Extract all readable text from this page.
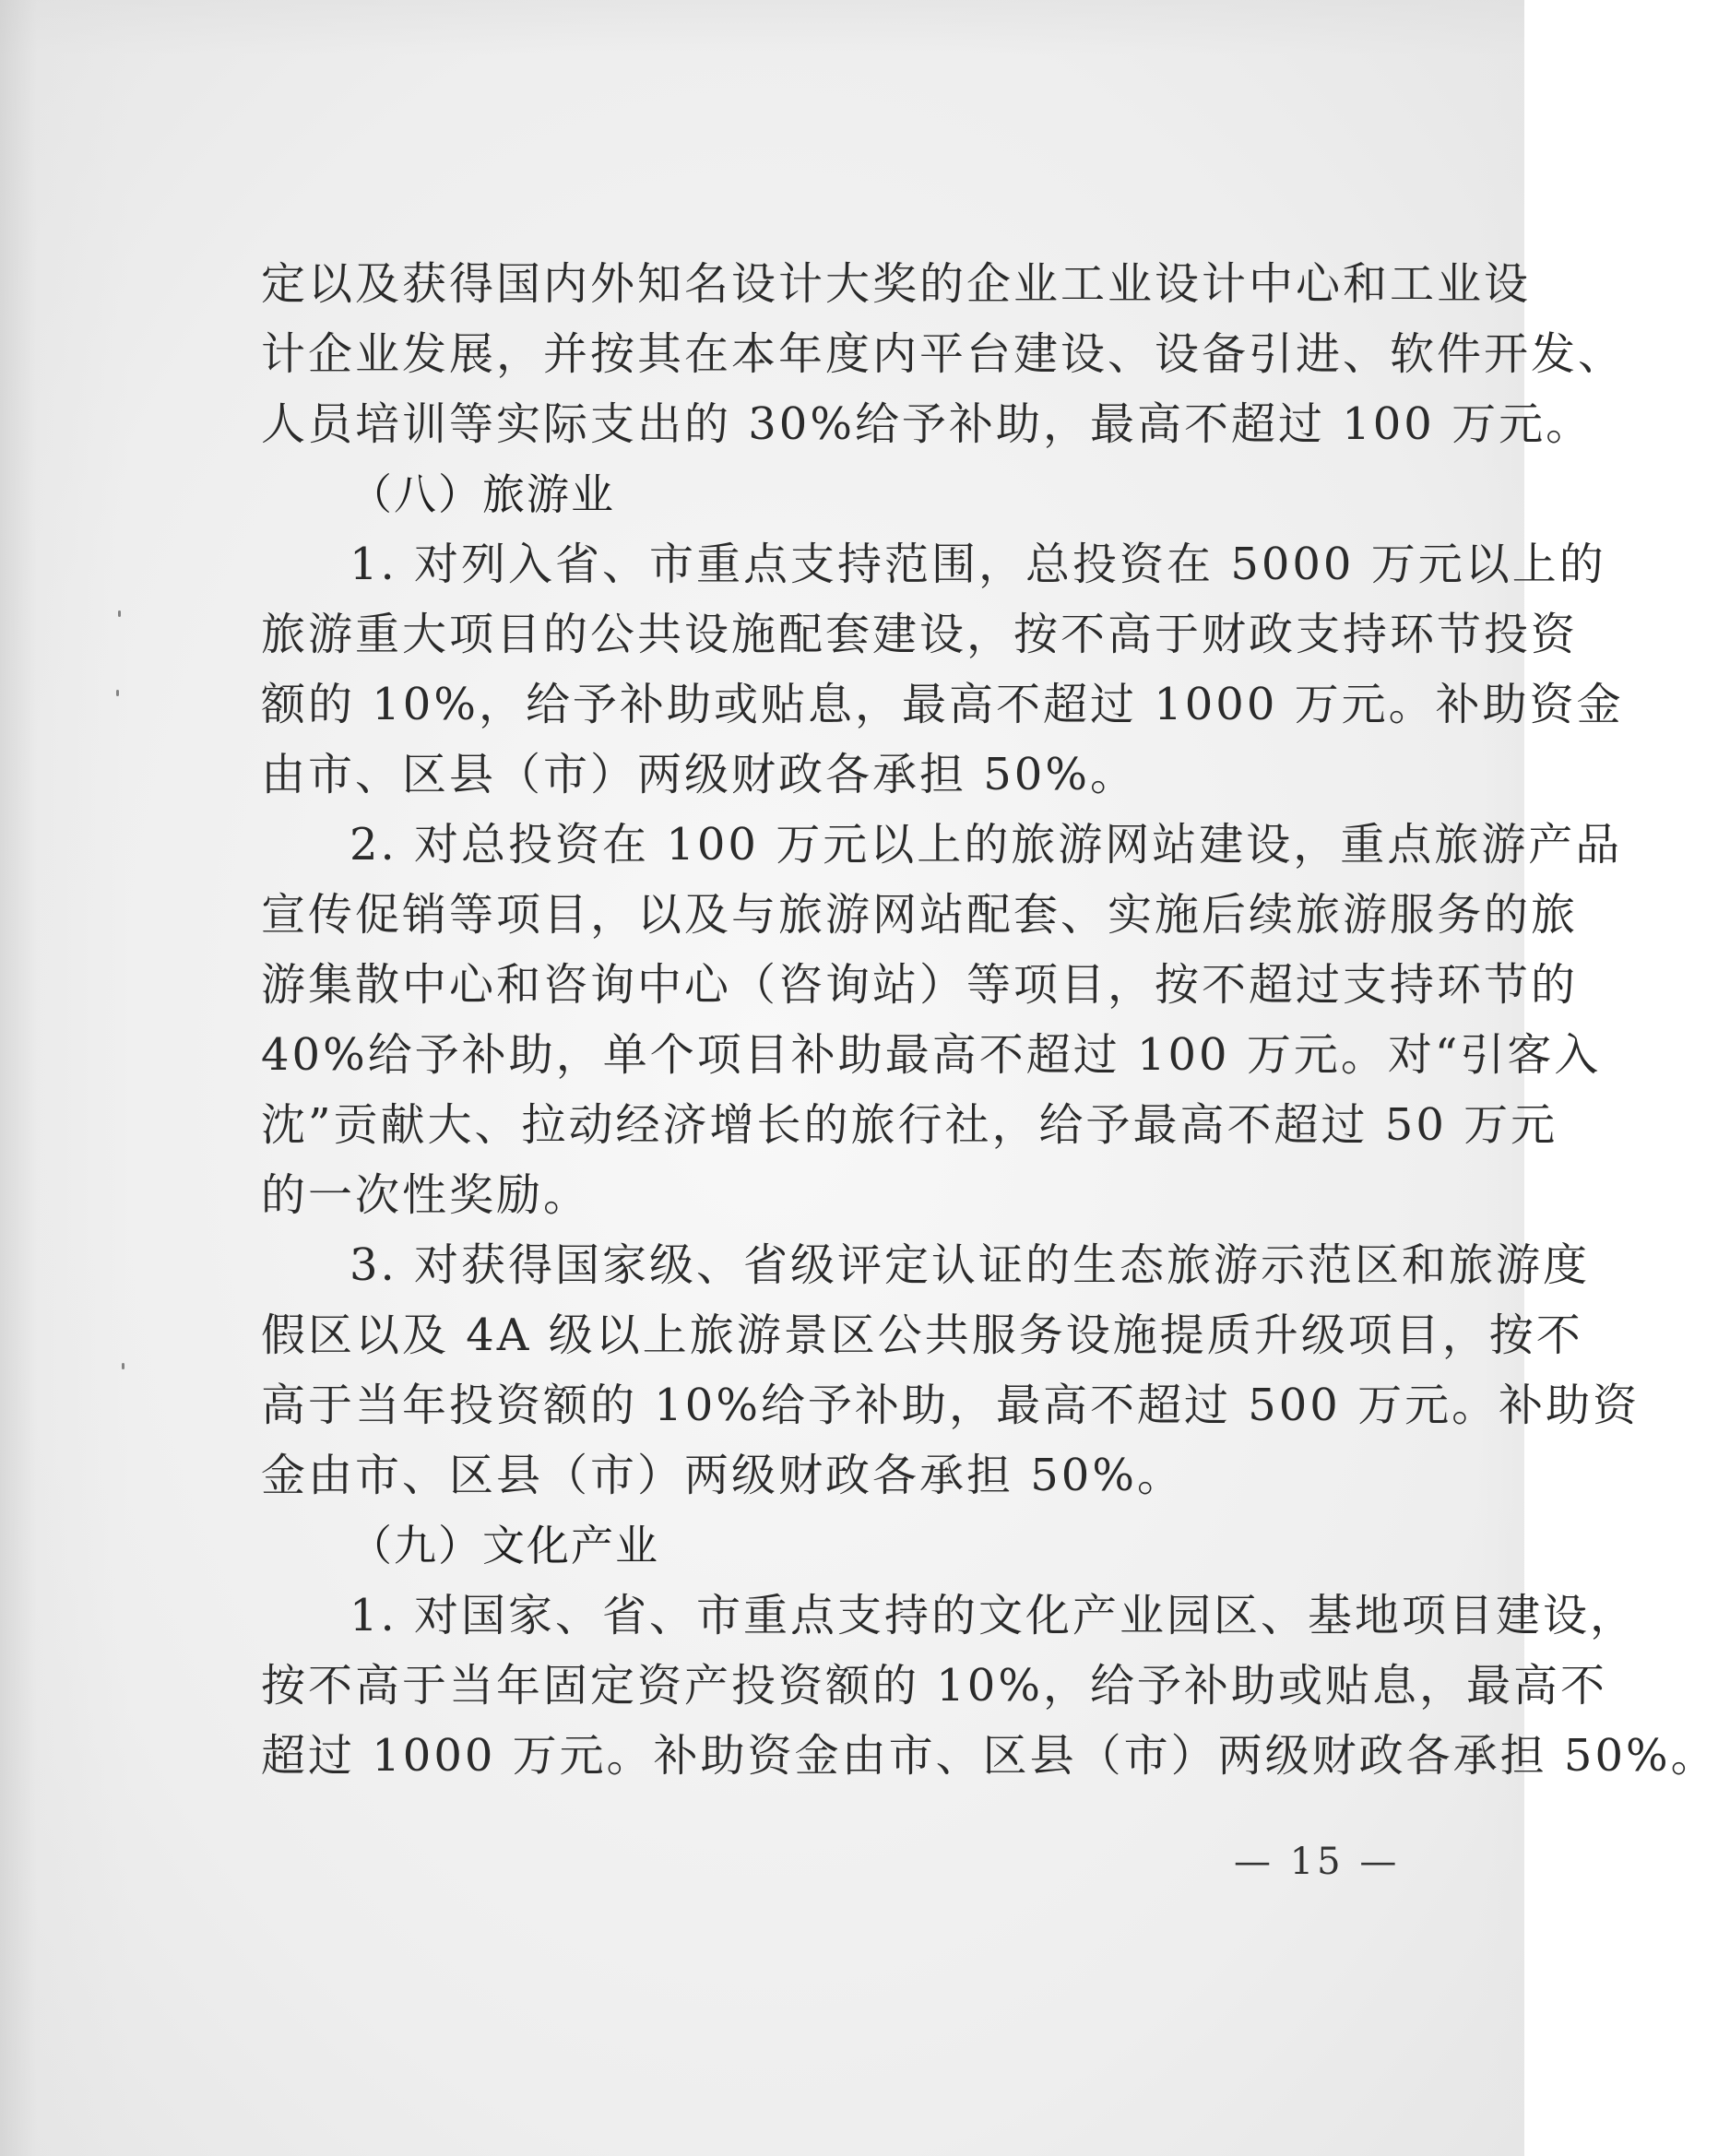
定以及获得国内外知名设计大奖的企业工业设计中心和工业设

计企业发展，并按其在本年度内平台建设、设备引进、软件开发、

人员培训等实际支出的 30%给予补助，最高不超过 100 万元。

（八）旅游业

1. 对列入省、市重点支持范围，总投资在 5000 万元以上的

旅游重大项目的公共设施配套建设，按不高于财政支持环节投资

额的 10%，给予补助或贴息，最高不超过 1000 万元。补助资金

由市、区县（市）两级财政各承担 50%。

2. 对总投资在 100 万元以上的旅游网站建设，重点旅游产品

宣传促销等项目，以及与旅游网站配套、实施后续旅游服务的旅

游集散中心和咨询中心（咨询站）等项目，按不超过支持环节的

40%给予补助，单个项目补助最高不超过 100 万元。对“引客入

沈”贡献大、拉动经济增长的旅行社，给予最高不超过 50 万元

的一次性奖励。

3. 对获得国家级、省级评定认证的生态旅游示范区和旅游度

假区以及 4A 级以上旅游景区公共服务设施提质升级项目，按不

高于当年投资额的 10%给予补助，最高不超过 500 万元。补助资

金由市、区县（市）两级财政各承担 50%。

（九）文化产业

1. 对国家、省、市重点支持的文化产业园区、基地项目建设，

按不高于当年固定资产投资额的 10%，给予补助或贴息，最高不

超过 1000 万元。补助资金由市、区县（市）两级财政各承担 50%。

— 15 —
